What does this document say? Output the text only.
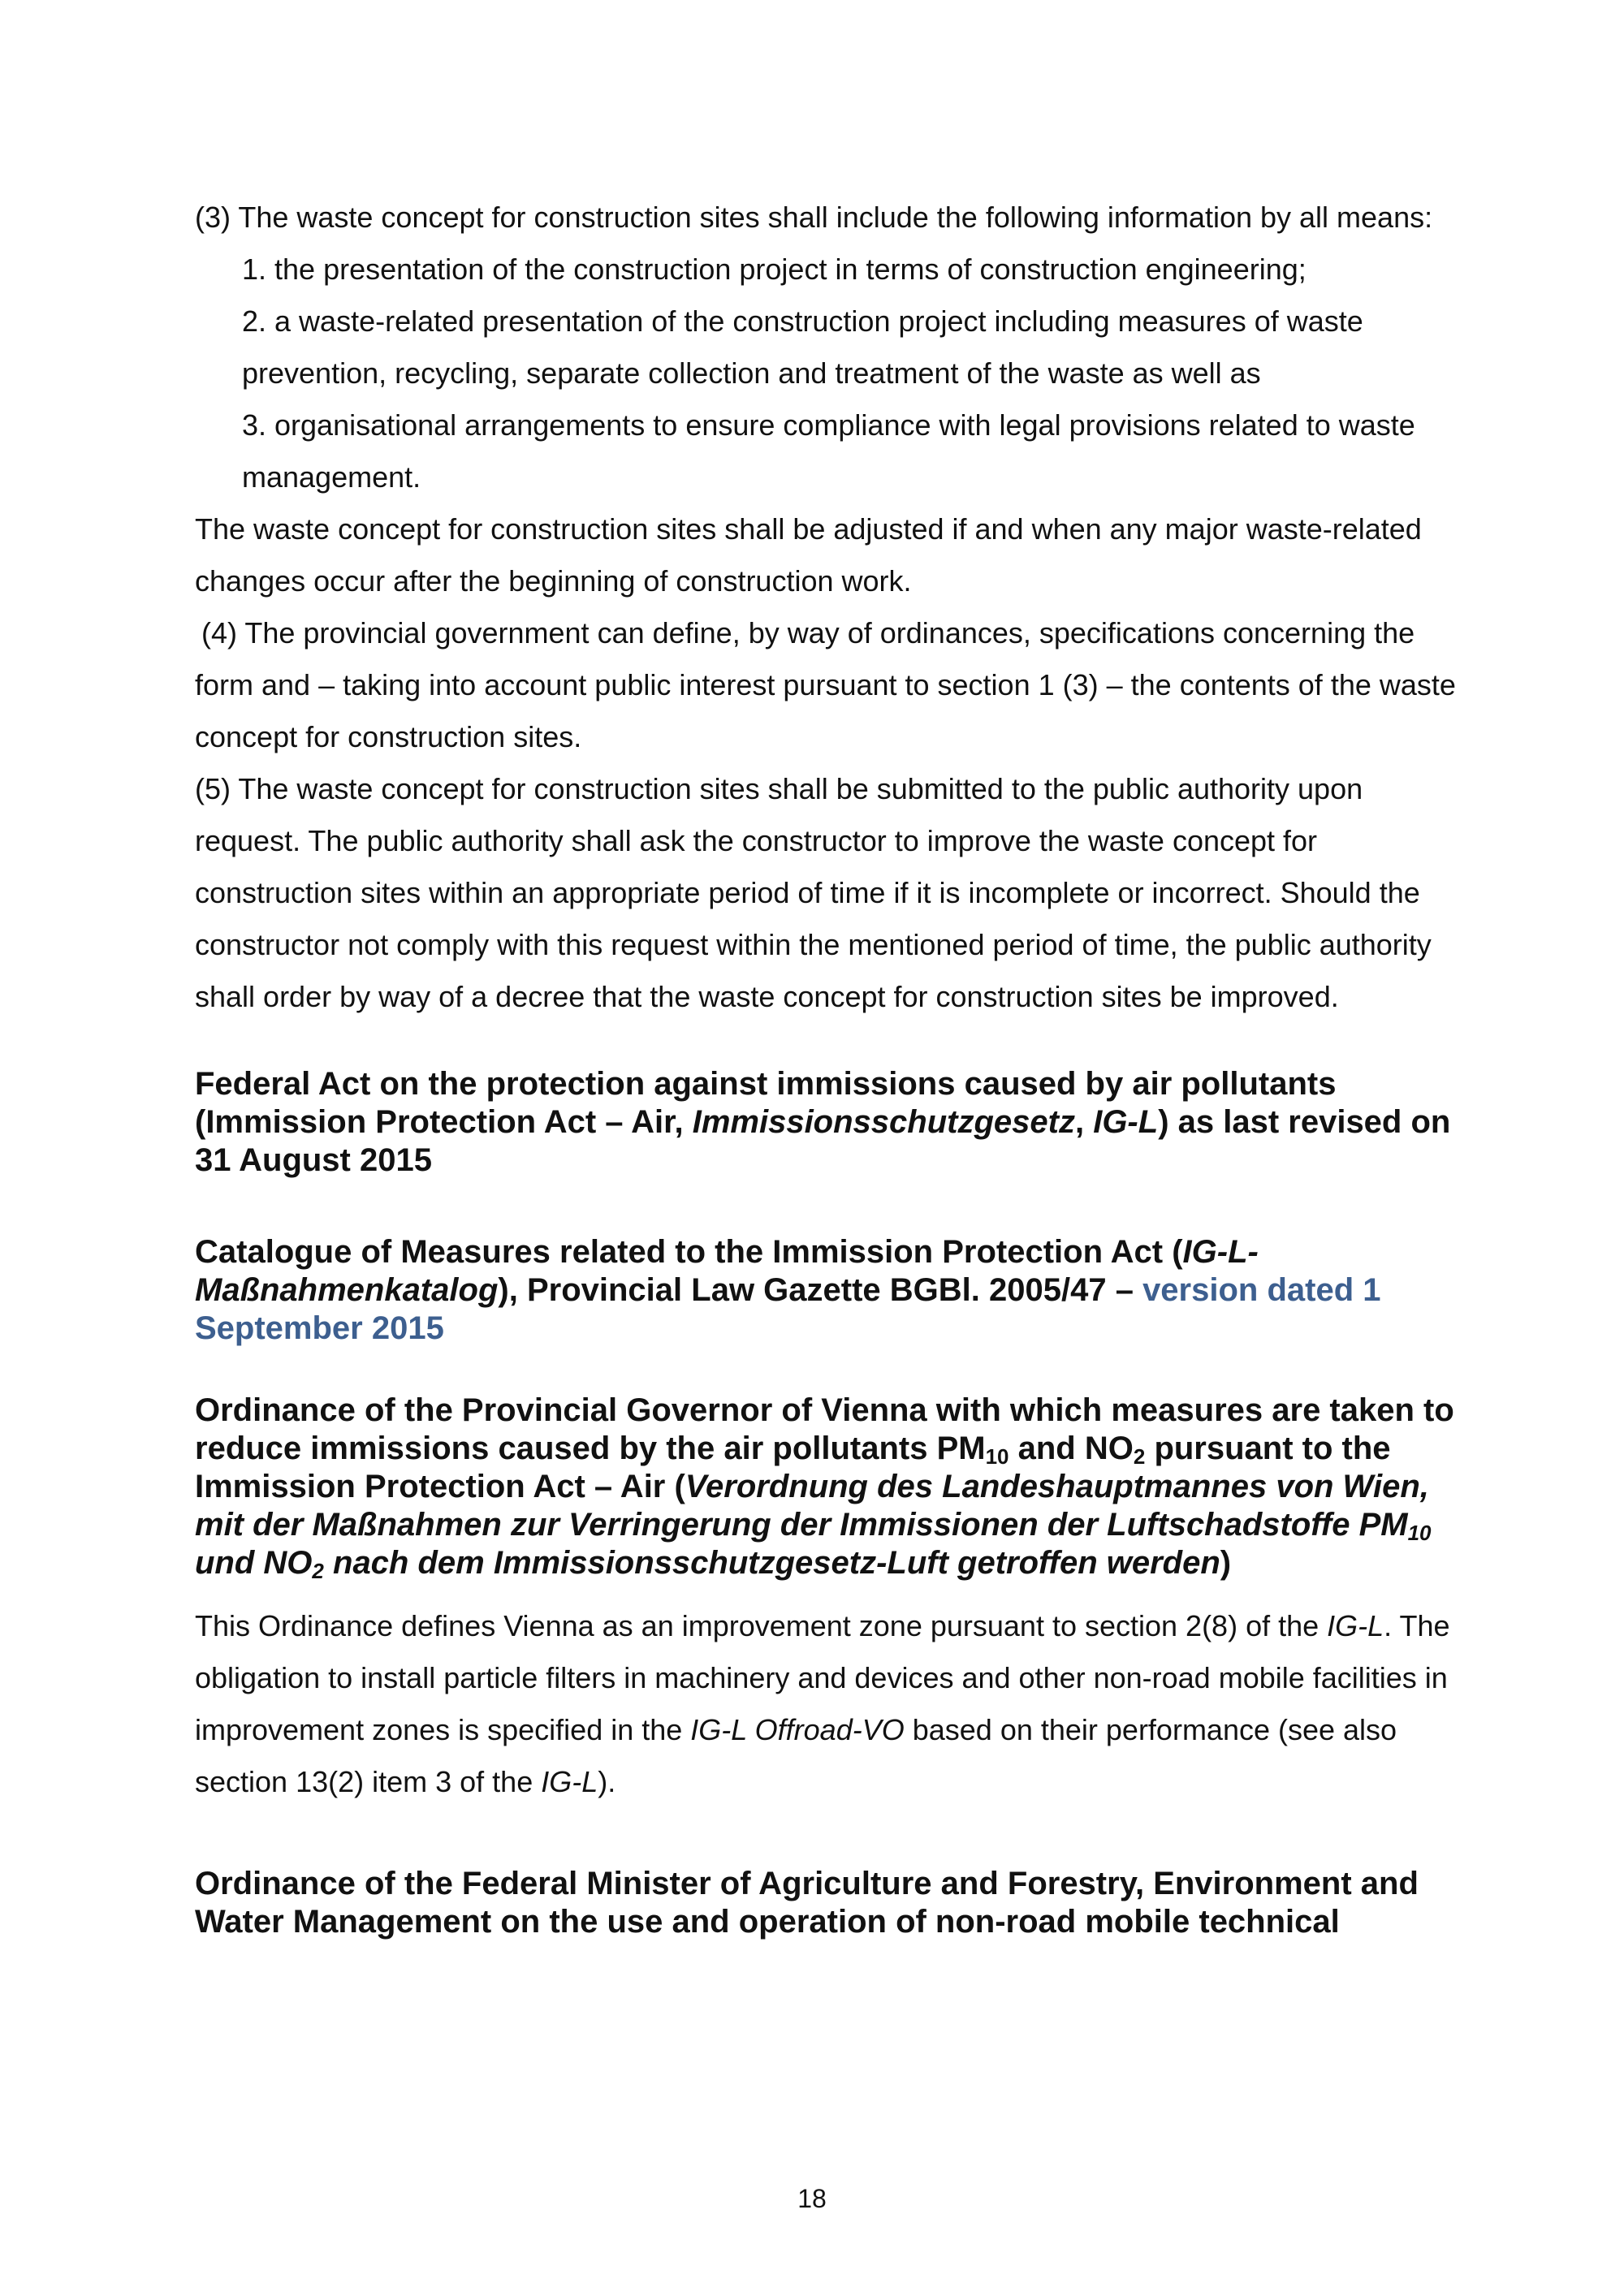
(3) The waste concept for construction sites shall include the following information by all means:

1. the presentation of the construction project in terms of construction engineering;

2. a waste-related presentation of the construction project including measures of waste prevention, recycling, separate collection and treatment of the waste as well as

3. organisational arrangements to ensure compliance with legal provisions related to waste management.

The waste concept for construction sites shall be adjusted if and when any major waste-related changes occur after the beginning of construction work.

(4) The provincial government can define, by way of ordinances, specifications concerning the form and – taking into account public interest pursuant to section 1 (3) – the contents of the waste concept for construction sites.

(5) The waste concept for construction sites shall be submitted to the public authority upon request. The public authority shall ask the constructor to improve the waste concept for construction sites within an appropriate period of time if it is incomplete or incorrect. Should the constructor not comply with this request within the mentioned period of time, the public authority shall order by way of a decree that the waste concept for construction sites be improved.

Federal Act on the protection against immissions caused by air pollutants (Immission Protection Act – Air, Immissionsschutzgesetz, IG-L) as last revised on 31 August 2015
Catalogue of Measures related to the Immission Protection Act (IG-L-Maßnahmenkatalog), Provincial Law Gazette BGBl. 2005/47 – version dated 1 September 2015
Ordinance of the Provincial Governor of Vienna with which measures are taken to reduce immissions caused by the air pollutants $PM_{10}$ and $NO_2$ pursuant to the Immission Protection Act – Air (Verordnung des Landeshauptmannes von Wien, mit der Maßnahmen zur Verringerung der Immissionen der Luftschadstoffe $PM_{10}$ und $NO_2$ nach dem Immissionsschutzgesetz-Luft getroffen werden)

This Ordinance defines Vienna as an improvement zone pursuant to section 2(8) of the IG-L. The obligation to install particle filters in machinery and devices and other non-road mobile facilities in improvement zones is specified in the IG-L Offroad-VO based on their performance (see also section 13(2) item 3 of the IG-L).

Ordinance of the Federal Minister of Agriculture and Forestry, Environment and Water Management on the use and operation of non-road mobile technical
18
